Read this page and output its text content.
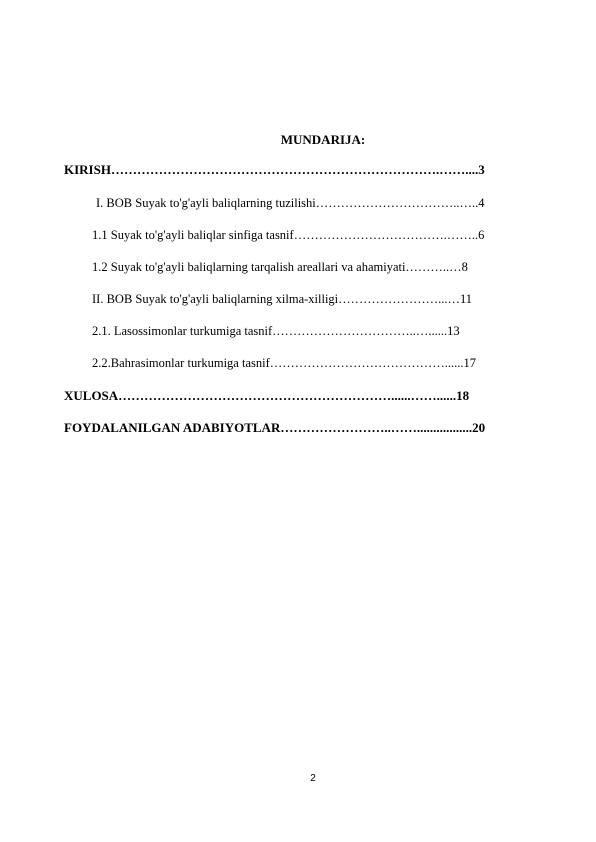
MUNDARIJA:
KIRISH………………………………………………………………….……....3
I. BOB Suyak to'g'ayli baliqlarning tuzilishi……………………………..…..4
1.1 Suyak to'g'ayli baliqlar sinfiga tasnif……………………………….……..6
1.2 Suyak to'g'ayli baliqlarning tarqalish areallari va ahamiyati………..…8
II. BOB Suyak to'g'ayli baliqlarning xilma-xilligi……………………...…11
2.1. Lasossimonlar turkumiga tasnif……………………………..…......13
2.2.Bahrasimonlar turkumiga tasnif……………………………………......17
XULOSA………………………………………………………......……......18
FOYDALANILGAN ADABIYOTLAR……………………..…….................20
2
